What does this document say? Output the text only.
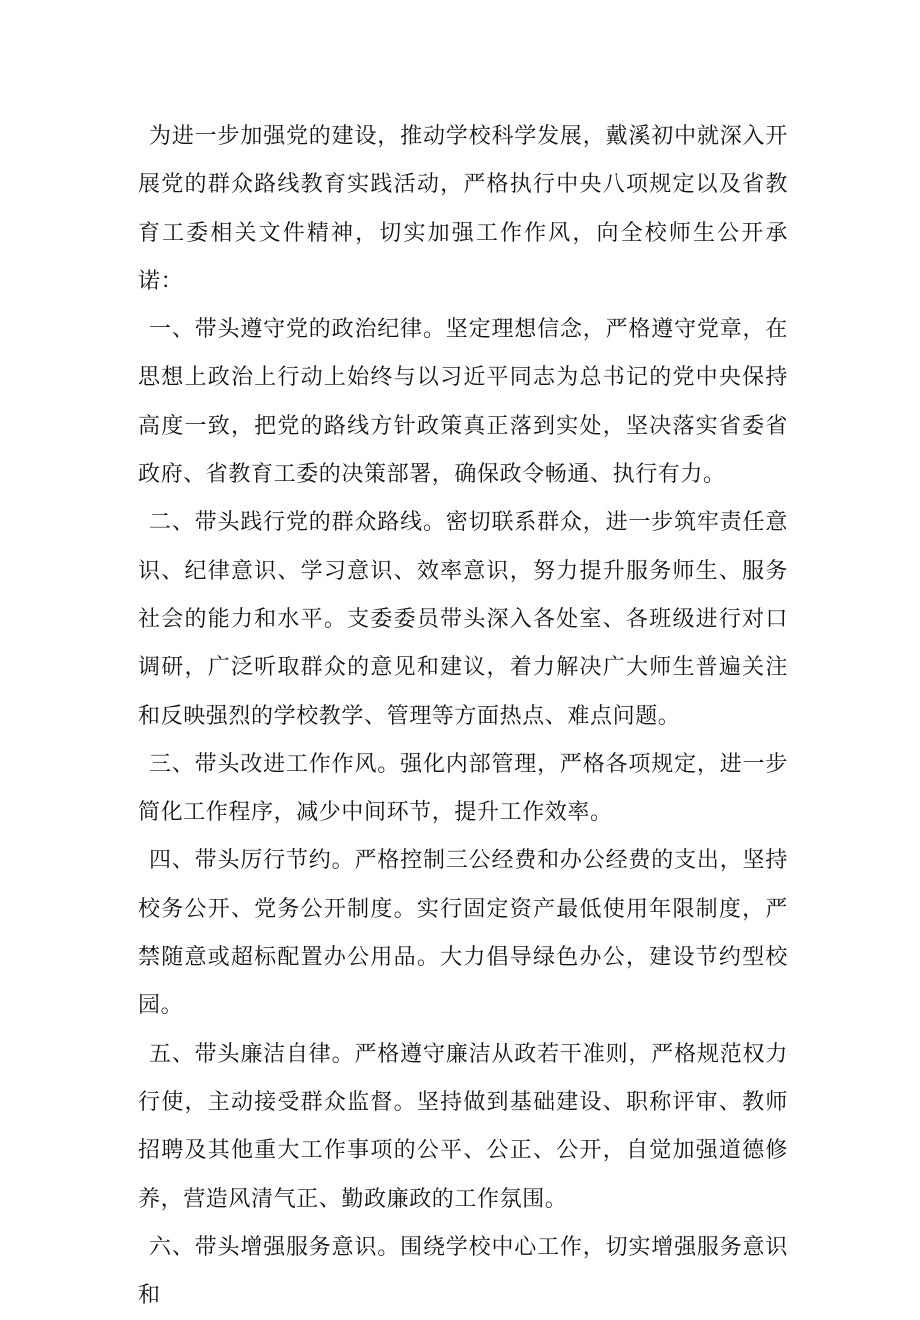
为进一步加强党的建设，推动学校科学发展，戴溪初中就深入开展党的群众路线教育实践活动，严格执行中央八项规定以及省教育工委相关文件精神，切实加强工作作风，向全校师生公开承诺：

一、带头遵守党的政治纪律。坚定理想信念，严格遵守党章，在思想上政治上行动上始终与以习近平同志为总书记的党中央保持高度一致，把党的路线方针政策真正落到实处，坚决落实省委省政府、省教育工委的决策部署，确保政令畅通、执行有力。

二、带头践行党的群众路线。密切联系群众，进一步筑牢责任意识、纪律意识、学习意识、效率意识，努力提升服务师生、服务社会的能力和水平。支委委员带头深入各处室、各班级进行对口调研，广泛听取群众的意见和建议，着力解决广大师生普遍关注和反映强烈的学校教学、管理等方面热点、难点问题。

三、带头改进工作作风。强化内部管理，严格各项规定，进一步简化工作程序，减少中间环节，提升工作效率。

四、带头厉行节约。严格控制三公经费和办公经费的支出，坚持校务公开、党务公开制度。实行固定资产最低使用年限制度，严禁随意或超标配置办公用品。大力倡导绿色办公，建设节约型校园。

五、带头廉洁自律。严格遵守廉洁从政若干准则，严格规范权力行使，主动接受群众监督。坚持做到基础建设、职称评审、教师招聘及其他重大工作事项的公平、公正、公开，自觉加强道德修养，营造风清气正、勤政廉政的工作氛围。

六、带头增强服务意识。围绕学校中心工作，切实增强服务意识和
